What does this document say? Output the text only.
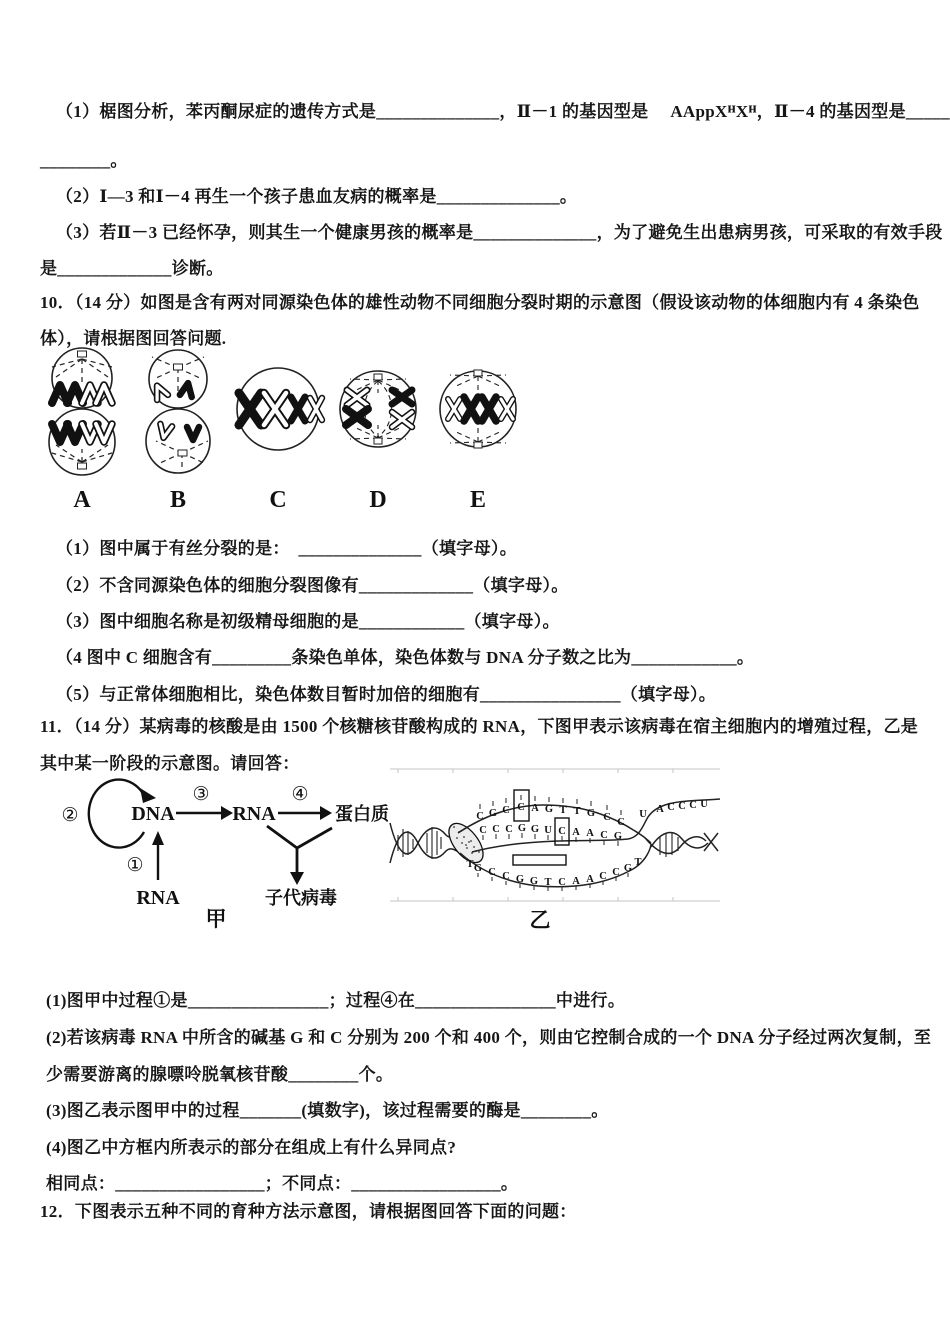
（1）椐图分析，苯丙酮尿症的遗传方式是______________，Ⅱ－1 的基因型是　 AAppXᴴXᴴ，Ⅱ－4 的基因型是_____
________。
（2）Ⅰ—3 和Ⅰ－4 再生一个孩子患血友病的概率是______________。
（3）若Ⅱ－3 已经怀孕，则其生一个健康男孩的概率是______________，为了避免生出患病男孩，可采取的有效手段
是_____________诊断。
10．（14 分）如图是含有两对同源染色体的雄性动物不同细胞分裂时期的示意图（假设该动物的体细胞内有 4 条染色
体），请根据图回答问题.
A	B	C	D	E
（1）图中属于有丝分裂的是：　______________（填字母）。
（2）不含同源染色体的细胞分裂图像有_____________（填字母）。
（3）图中细胞名称是初级精母细胞的是____________（填字母）。
（4 图中 C 细胞含有_________条染色单体，染色体数与 DNA 分子数之比为____________。
（5）与正常体细胞相比，染色体数目暂时加倍的细胞有________________（填字母）。
11．（14 分）某病毒的核酸是由 1500 个核糖核苷酸构成的 RNA，下图甲表示该病毒在宿主细胞内的增殖过程，乙是
其中某一阶段的示意图。请回答：
②	DNA
①
RNA
③
RNA
④
蛋白质
子代病毒
甲
C G C C A G T T G C C
C C C G G U C A A C G
G C C G G T C A A C C G
U A C C C U
T	T
乙
(1)图甲中过程①是________________；过程④在________________中进行。
(2)若该病毒 RNA 中所含的碱基 G 和 C 分别为 200 个和 400 个，则由它控制合成的一个 DNA 分子经过两次复制，至
少需要游离的腺嘌呤脱氧核苷酸________个。
(3)图乙表示图甲中的过程_______(填数字)，该过程需要的酶是________。
(4)图乙中方框内所表示的部分在组成上有什么异同点?
相同点：_________________；不同点：_________________。
12．下图表示五种不同的育种方法示意图，请根据图回答下面的问题：
